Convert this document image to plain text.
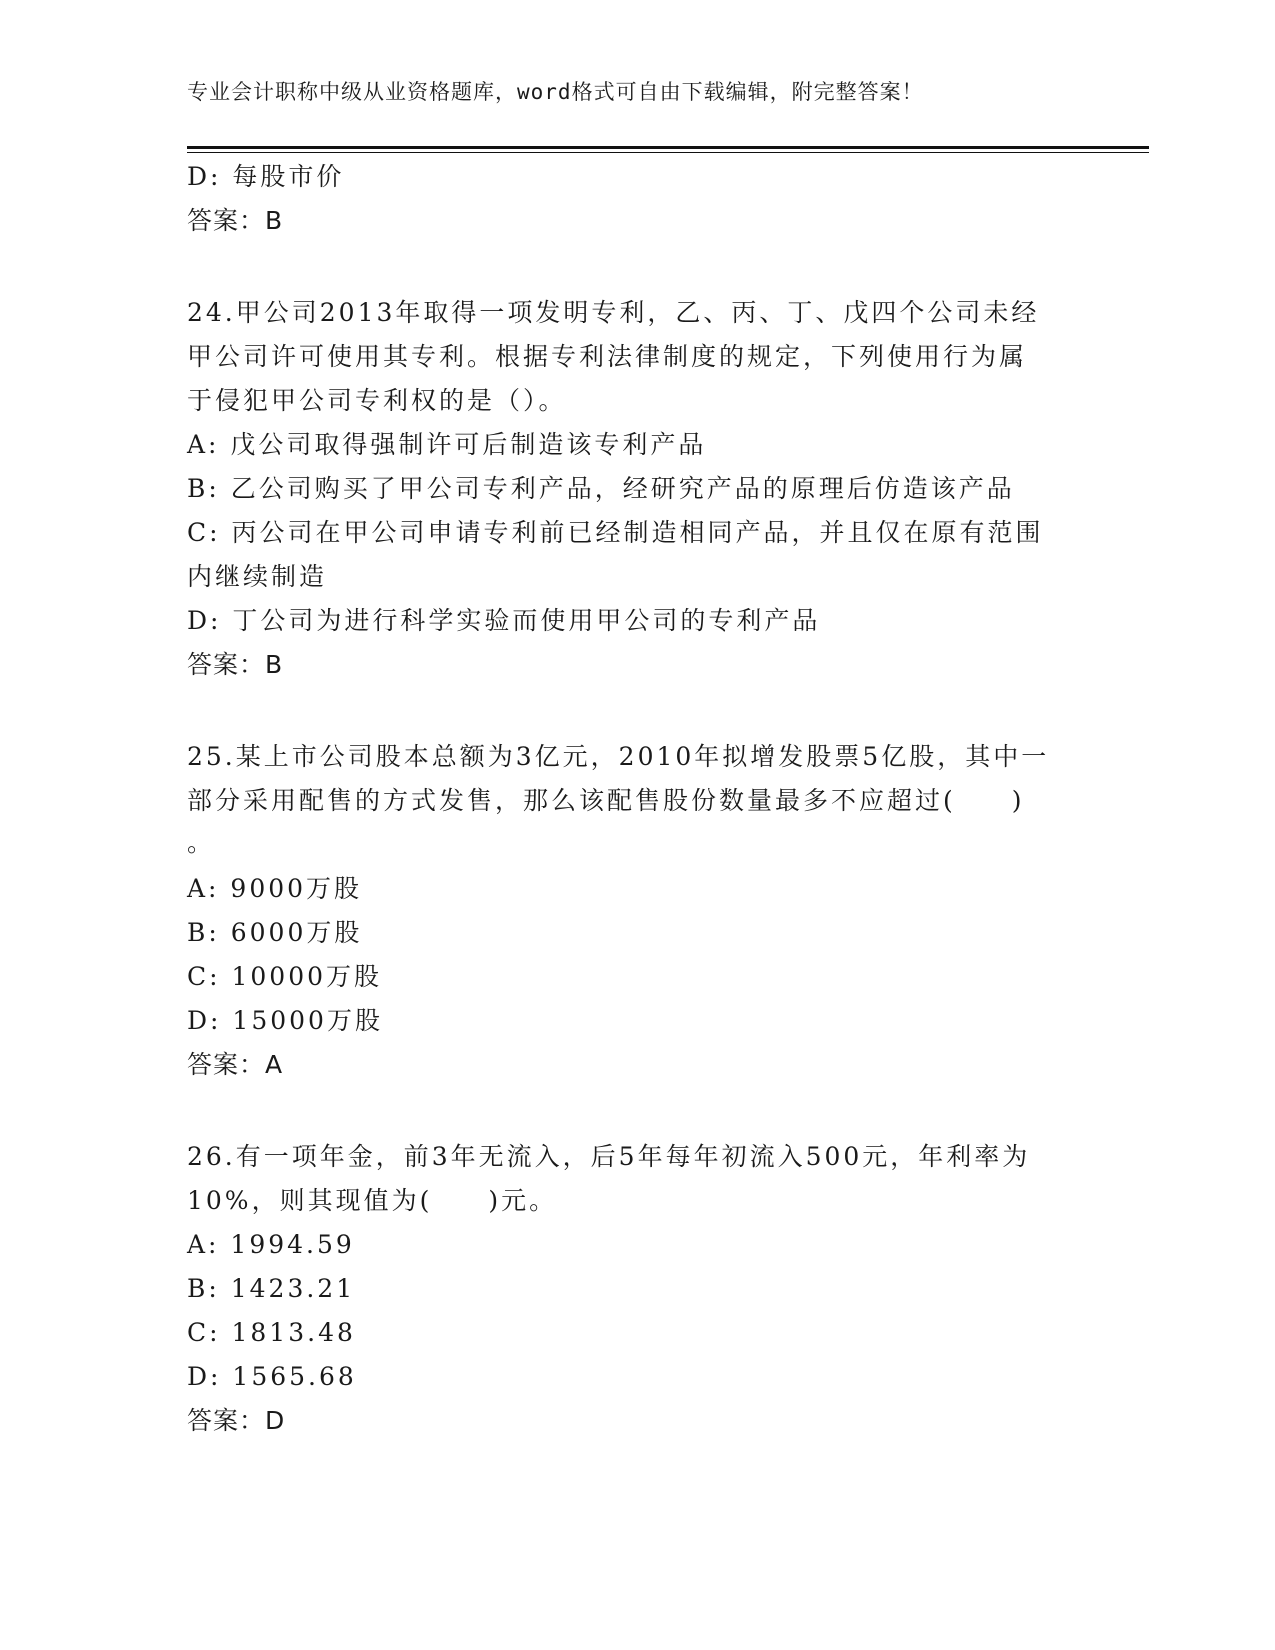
专业会计职称中级从业资格题库，word格式可自由下载编辑，附完整答案！
D: 每股市价
答案：B
24.甲公司2013年取得一项发明专利，乙、丙、丁、戊四个公司未经
甲公司许可使用其专利。根据专利法律制度的规定，下列使用行为属
于侵犯甲公司专利权的是（）。
A: 戊公司取得强制许可后制造该专利产品
B: 乙公司购买了甲公司专利产品，经研究产品的原理后仿造该产品
C: 丙公司在甲公司申请专利前已经制造相同产品，并且仅在原有范围
内继续制造
D: 丁公司为进行科学实验而使用甲公司的专利产品
答案：B
25.某上市公司股本总额为3亿元，2010年拟增发股票5亿股，其中一
部分采用配售的方式发售，那么该配售股份数量最多不应超过(　　)
。
A: 9000万股
B: 6000万股
C: 10000万股
D: 15000万股
答案：A
26.有一项年金，前3年无流入，后5年每年初流入500元，年利率为
10%，则其现值为(　　)元。
A: 1994.59
B: 1423.21
C: 1813.48
D: 1565.68
答案：D
